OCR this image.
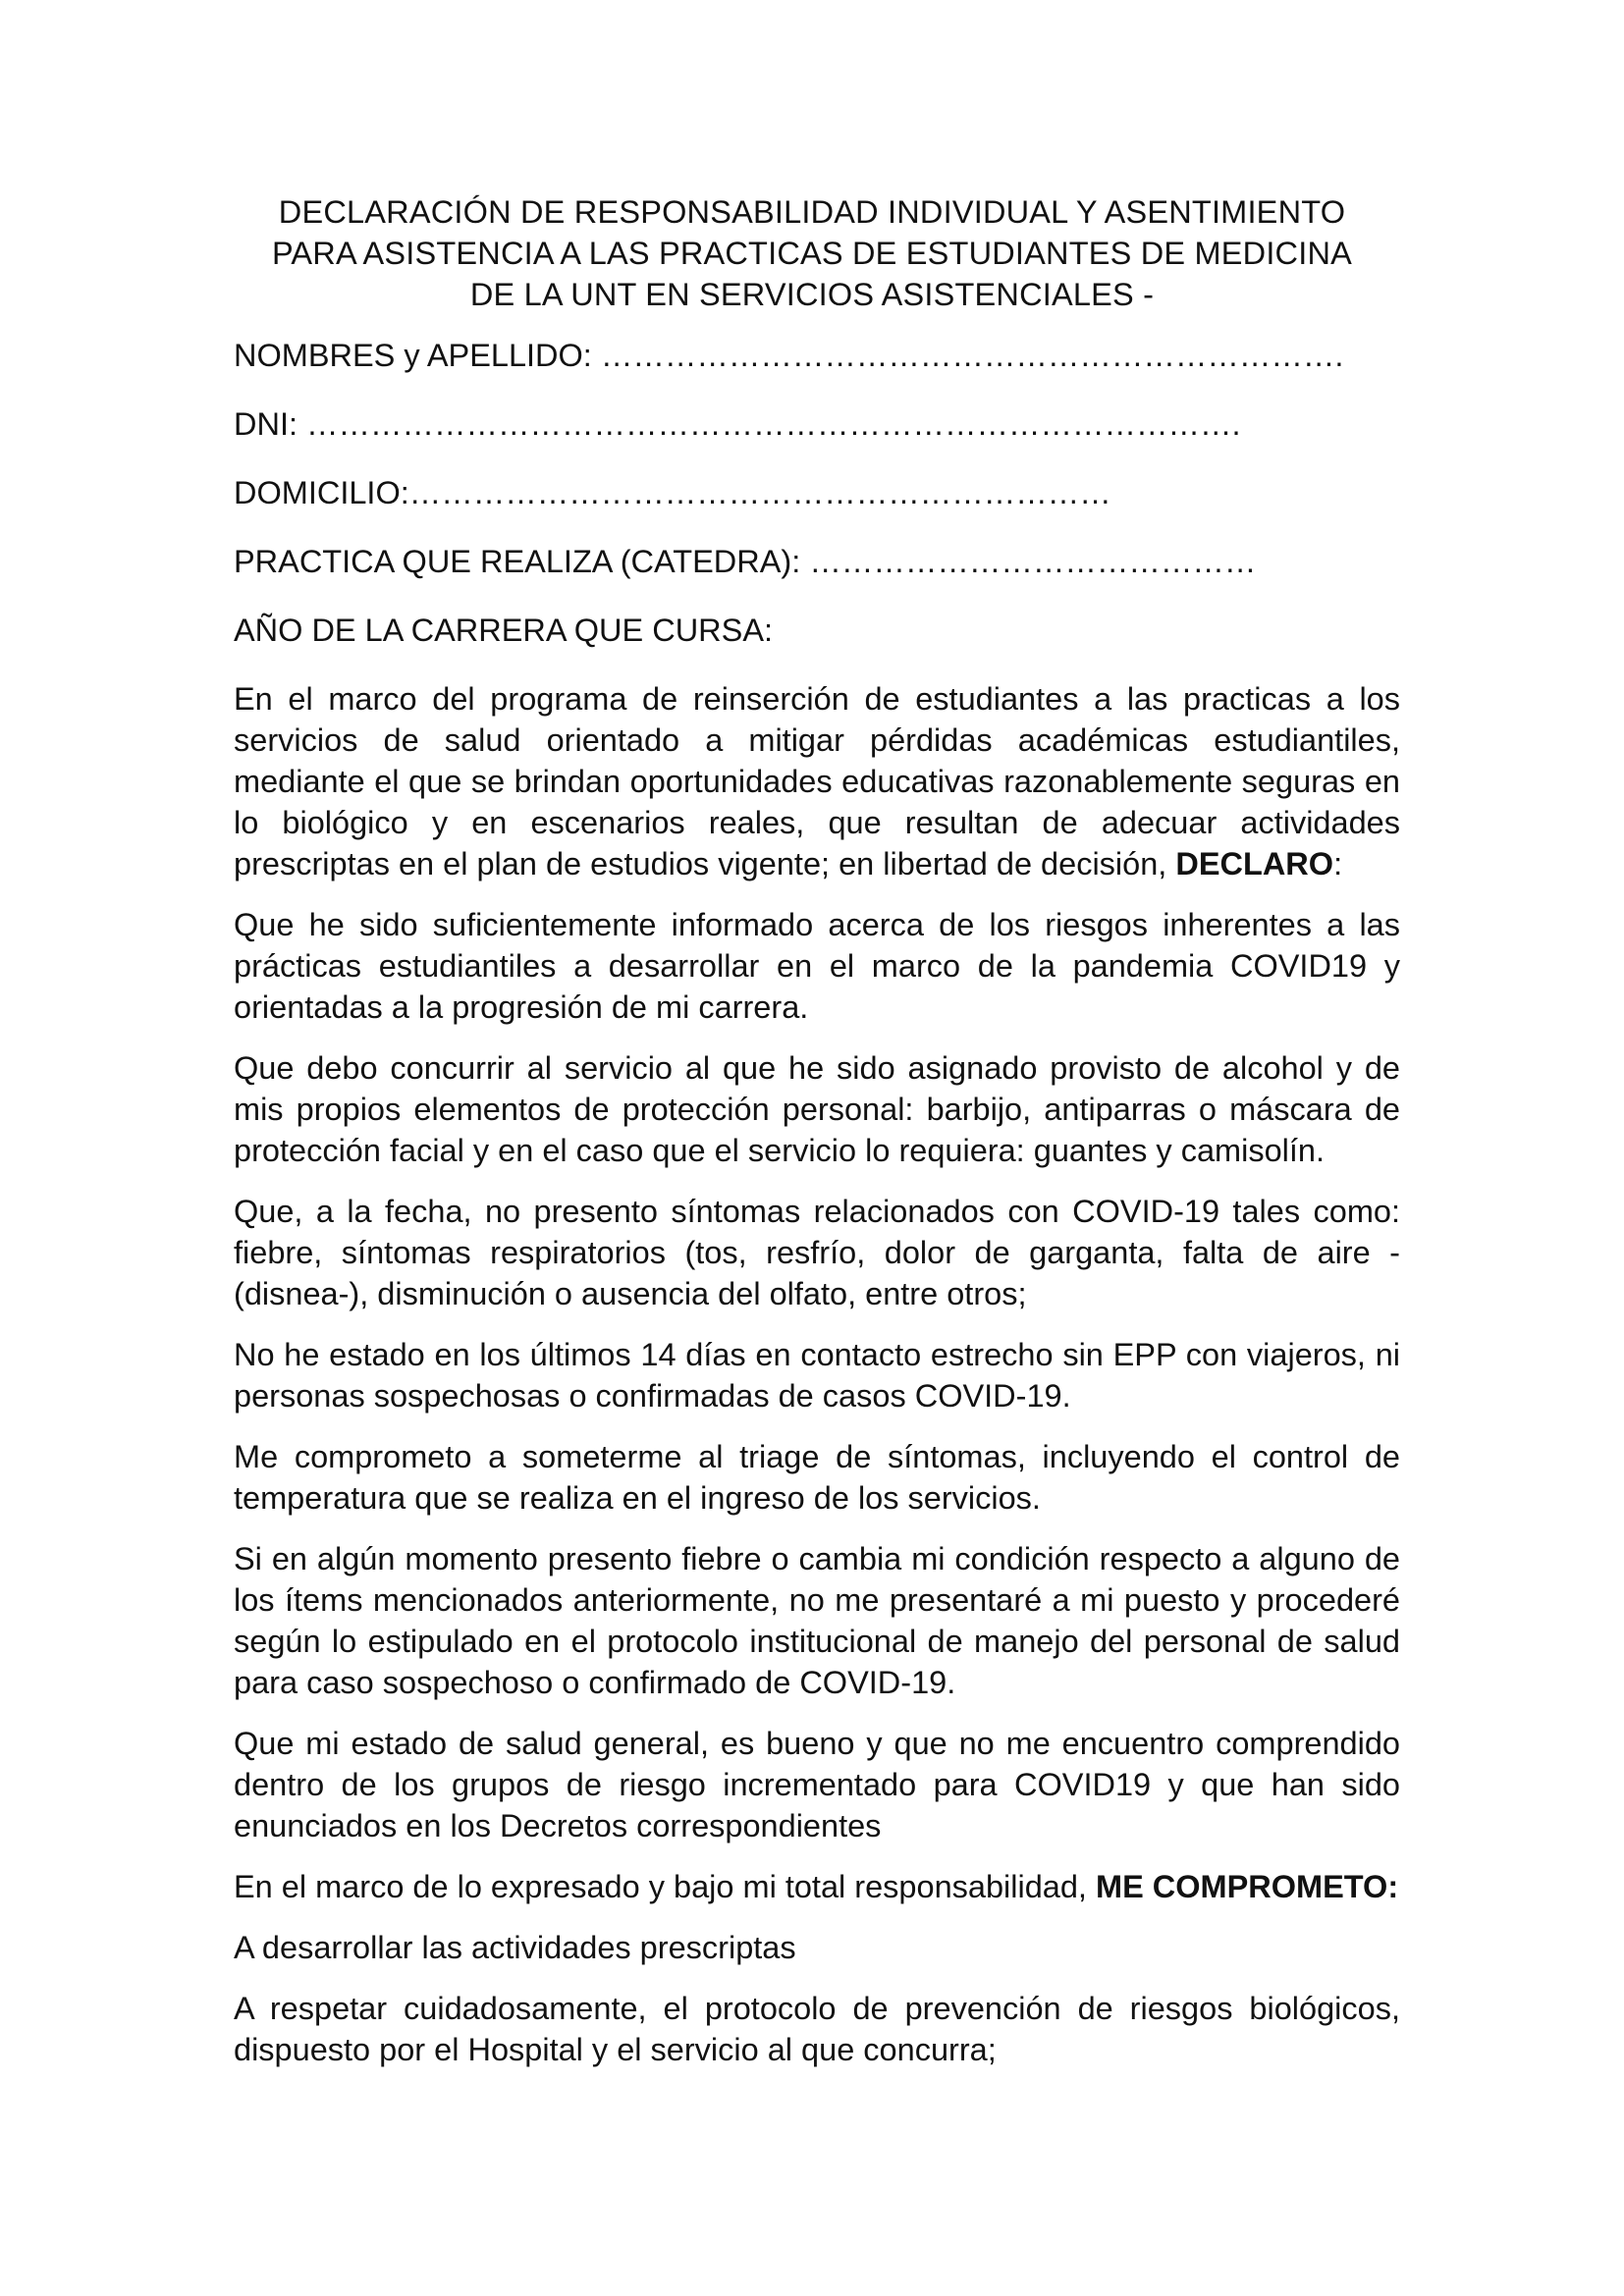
DECLARACIÓN DE RESPONSABILIDAD INDIVIDUAL Y ASENTIMIENTO
PARA ASISTENCIA A LAS PRACTICAS DE ESTUDIANTES DE MEDICINA
DE LA UNT EN SERVICIOS ASISTENCIALES -
NOMBRES y APELLIDO: …………………………………………………………….
DNI: …………………………………………………………………………….
DOMICILIO:…………………………………………………………
PRACTICA QUE REALIZA (CATEDRA): ……………………………………
AÑO DE LA CARRERA QUE CURSA:

En el marco del programa de reinserción de estudiantes a las practicas a los servicios de salud orientado a mitigar pérdidas académicas estudiantiles, mediante el que se brindan oportunidades educativas razonablemente seguras en lo biológico y en escenarios reales, que resultan de adecuar actividades prescriptas en el plan de estudios vigente; en libertad de decisión, DECLARO:

Que he sido suficientemente informado acerca de los riesgos inherentes a las prácticas estudiantiles a desarrollar en el marco de la pandemia COVID19 y orientadas a la progresión de mi carrera.

Que debo concurrir al servicio al que he sido asignado provisto de alcohol y de mis propios elementos de protección personal: barbijo, antiparras o máscara de protección facial y en el caso que el servicio lo requiera: guantes y camisolín.

Que, a la fecha, no presento síntomas relacionados con COVID-19 tales como: fiebre, síntomas respiratorios (tos, resfrío, dolor de garganta, falta de aire -(disnea-), disminución o ausencia del olfato, entre otros;

No he estado en los últimos 14 días en contacto estrecho sin EPP con viajeros, ni personas sospechosas o confirmadas de casos COVID-19.

Me comprometo a someterme al triage de síntomas, incluyendo el control de temperatura que se realiza en el ingreso de los servicios.

Si en algún momento presento fiebre o cambia mi condición respecto a alguno de los ítems mencionados anteriormente, no me presentaré a mi puesto y procederé según lo estipulado en el protocolo institucional de manejo del personal de salud para caso sospechoso o confirmado de COVID-19.

Que mi estado de salud general, es bueno y que no me encuentro comprendido dentro de los grupos de riesgo incrementado para COVID19 y que han sido enunciados en los Decretos correspondientes

En el marco de lo expresado y bajo mi total responsabilidad, ME COMPROMETO:

A desarrollar las actividades prescriptas

A respetar cuidadosamente, el protocolo de prevención de riesgos biológicos, dispuesto por el Hospital y el servicio al que concurra;
